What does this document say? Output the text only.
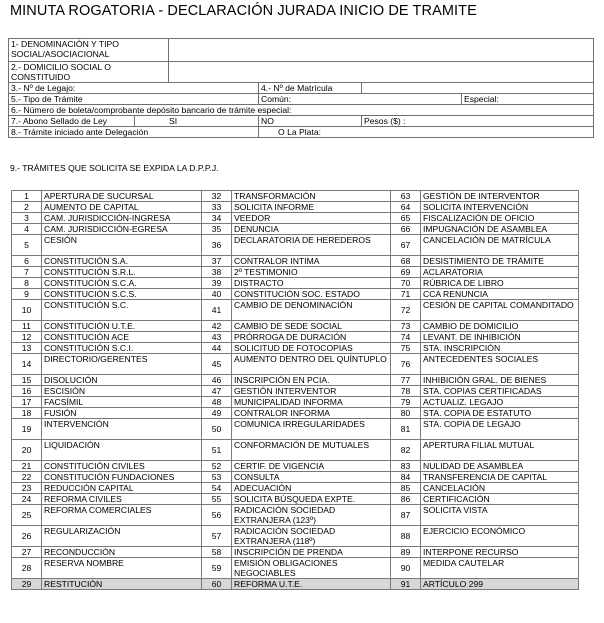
MINUTA ROGATORIA - DECLARACIÓN JURADA INICIO DE TRAMITE
1- DENOMINACIÓN Y TIPO SOCIAL/ASOCIACIONAL					
2.- DOMICILIO SOCIAL O CONSTITUIDO					
3.- Nº de Legajo:			4.- Nº de Matrícula		
5.- Tipo de Trámite			Común:		Especial:
6.- Número de boleta/comprobante depósito bancario de trámite especial:					
7.- Abono Sellado de Ley	SI		NO	Pesos ($) :	
8.- Trámite iniciado ante Delegación			O La Plata:		
9.- TRÁMITES QUE SOLICITA SE EXPIDA LA D.P.P.J.
1	APERTURA DE SUCURSAL	32	TRANSFORMACIÓN	63	GESTIÓN DE INTERVENTOR
2	AUMENTO DE CAPITAL	33	SOLICITA INFORME	64	SOLICITA INTERVENCIÓN
3	CAM. JURISDICCIÓN-INGRESA	34	VEEDOR	65	FISCALIZACIÓN DE OFICIO
4	CAM. JURISDICCIÓN-EGRESA	35	DENUNCIA	66	IMPUGNACIÓN DE ASAMBLEA
5	CESIÓN	36	DECLARATORIA DE HEREDEROS	67	CANCELACIÓN DE MATRÍCULA
6	CONSTITUCIÓN S.A.	37	CONTRALOR INTIMA	68	DESISTIMIENTO DE TRÁMITE
7	CONSTITUCIÓN S.R.L.	38	2º TESTIMONIO	69	ACLARATORIA
8	CONSTITUCIÓN S.C.A.	39	DISTRACTO	70	RÚBRICA DE LIBRO
9	CONSTITUCIÓN S.C.S.	40	CONSTITUCIÓN SOC. ESTADO	71	CCA RENUNCIA
10	CONSTITUCIÓN S.C.	41	CAMBIO DE DENOMINACIÓN	72	CESIÓN DE CAPITAL COMANDITADO
11	CONSTITUCIÓN U.T.E.	42	CAMBIO DE SEDE SOCIAL	73	CAMBIO DE DOMICILIO
12	CONSTITUCIÓN ACE	43	PRÓRROGA DE DURACIÓN	74	LEVANT. DE INHIBICIÓN
13	CONSTITUCIÓN S.C.I.	44	SOLICITUD DE FOTOCOPIAS	75	STA. INSCRIPCIÓN
14	DIRECTORIO/GERENTES	45	AUMENTO DENTRO DEL QUÍNTUPLO	76	ANTECEDENTES SOCIALES
15	DISOLUCIÓN	46	INSCRIPCIÓN EN PCIA.	77	INHIBICIÓN GRAL. DE BIENES
16	ESCISIÓN	47	GESTIÓN INTERVENTOR	78	STA. COPIAS CERTIFICADAS
17	FACSÍMIL	48	MUNICIPALIDAD INFORMA	79	ACTUALIZ. LEGAJO
18	FUSIÓN	49	CONTRALOR INFORMA	80	STA. COPIA DE ESTATUTO
19	INTERVENCIÓN	50	COMUNICA IRREGULARIDADES	81	STA. COPIA DE LEGAJO
20	LIQUIDACIÓN	51	CONFORMACIÓN DE MUTUALES	82	APERTURA FILIAL MUTUAL
21	CONSTITUCIÓN CIVILES	52	CERTIF. DE VIGENCIA	83	NULIDAD DE ASAMBLEA
22	CONSTITUCIÓN FUNDACIONES	53	CONSULTA	84	TRANSFERENCIA DE CAPITAL
23	REDUCCIÓN CAPITAL	54	ADECUACIÓN	85	CANCELACIÓN
24	REFORMA CIVILES	55	SOLICITA BÚSQUEDA EXPTE.	86	CERTIFICACIÓN
25	REFORMA COMERCIALES	56	RADICACIÓN SOCIEDAD EXTRANJERA (123º)	87	SOLICITA VISTA
26	REGULARIZACIÓN	57	RADICACIÓN SOCIEDAD EXTRANJERA (118º)	88	EJERCICIO ECONÓMICO
27	RECONDUCCIÓN	58	INSCRIPCIÓN DE PRENDA	89	INTERPONE RECURSO
28	RESERVA NOMBRE	59	EMISIÓN OBLIGACIONES NEGOCIABLES	90	MEDIDA CAUTELAR
29	RESTITUCIÓN	60	REFORMA U.T.E.	91	ARTÍCULO 299
